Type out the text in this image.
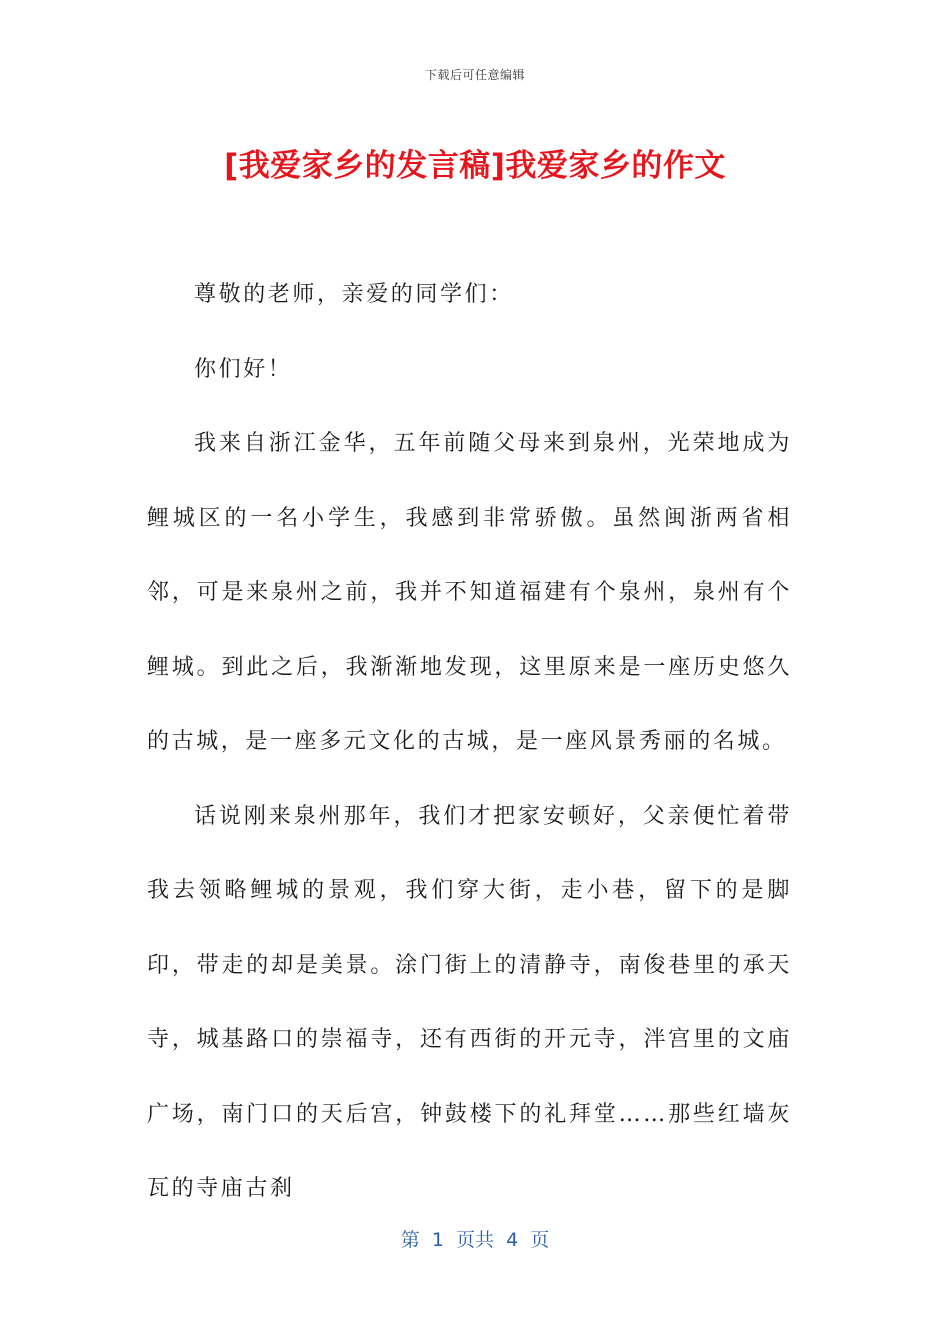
下载后可任意编辑
[我爱家乡的发言稿]我爱家乡的作文

尊敬的老师，亲爱的同学们：

你们好！

我来自浙江金华，五年前随父母来到泉州，光荣地成为鲤城区的一名小学生，我感到非常骄傲。虽然闽浙两省相邻，可是来泉州之前，我并不知道福建有个泉州，泉州有个鲤城。到此之后，我渐渐地发现，这里原来是一座历史悠久的古城，是一座多元文化的古城，是一座风景秀丽的名城。

话说刚来泉州那年，我们才把家安顿好，父亲便忙着带我去领略鲤城的景观，我们穿大街，走小巷，留下的是脚印，带走的却是美景。涂门街上的清静寺，南俊巷里的承天寺，城基路口的崇福寺，还有西街的开元寺，泮宫里的文庙广场，南门口的天后宫，钟鼓楼下的礼拜堂……那些红墙灰瓦的寺庙古刹

第  1  页共  4  页
